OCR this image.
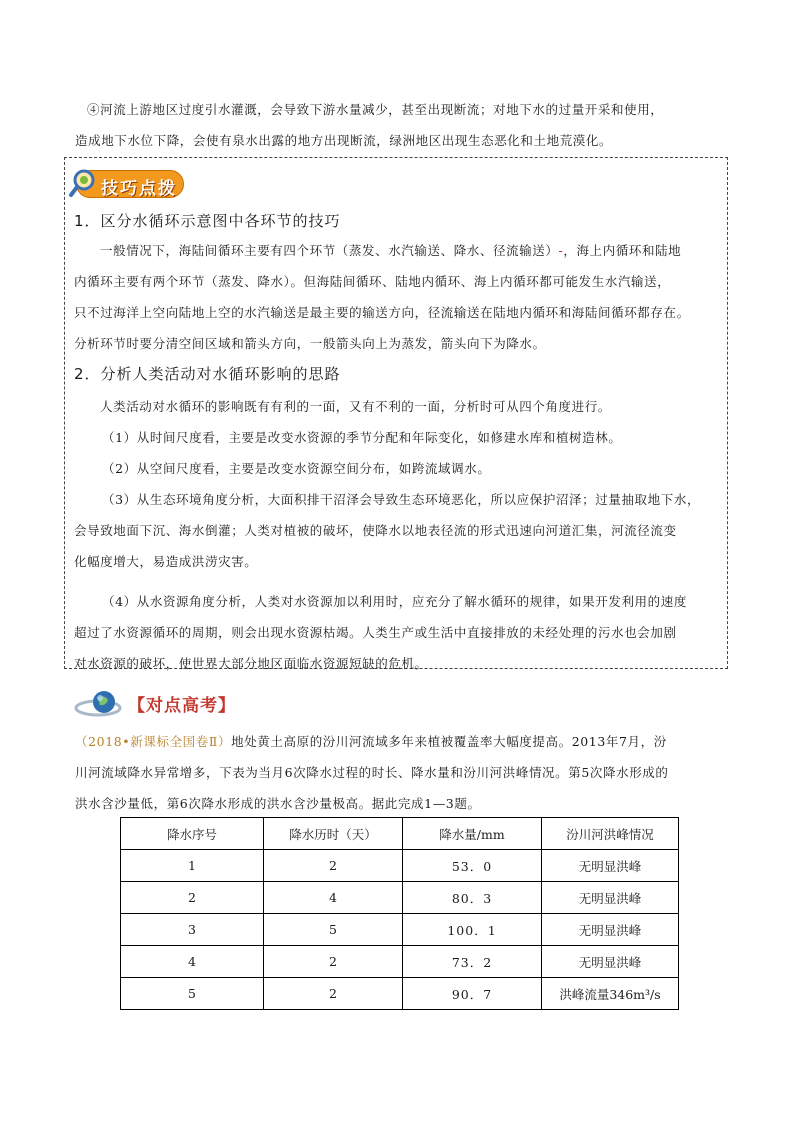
④河流上游地区过度引水灌溉，会导致下游水量减少，甚至出现断流；对地下水的过量开采和使用，
造成地下水位下降，会使有泉水出露的地方出现断流，绿洲地区出现生态恶化和土地荒漠化。
技巧点拨
1．区分水循环示意图中各环节的技巧
一般情况下，海陆间循环主要有四个环节（蒸发、水汽输送、降水、径流输送）-，海上内循环和陆地
内循环主要有两个环节（蒸发、降水）。但海陆间循环、陆地内循环、海上内循环都可能发生水汽输送，
只不过海洋上空向陆地上空的水汽输送是最主要的输送方向，径流输送在陆地内循环和海陆间循环都存在。
分析环节时要分清空间区域和箭头方向，一般箭头向上为蒸发，箭头向下为降水。
2．分析人类活动对水循环影响的思路
人类活动对水循环的影响既有有利的一面，又有不利的一面，分析时可从四个角度进行。
（1）从时间尺度看，主要是改变水资源的季节分配和年际变化，如修建水库和植树造林。
（2）从空间尺度看，主要是改变水资源空间分布，如跨流域调水。
（3）从生态环境角度分析，大面积排干沼泽会导致生态环境恶化，所以应保护沼泽；过量抽取地下水，
会导致地面下沉、海水倒灌；人类对植被的破坏，使降水以地表径流的形式迅速向河道汇集，河流径流变
化幅度增大，易造成洪涝灾害。
（4）从水资源角度分析，人类对水资源加以利用时，应充分了解水循环的规律，如果开发利用的速度
超过了水资源循环的周期，则会出现水资源枯竭。人类生产或生活中直接排放的未经处理的污水也会加剧
对水资源的破坏，使世界大部分地区面临水资源短缺的危机。
【对点高考】
（2018•新课标全国卷Ⅱ）地处黄土高原的汾川河流域多年来植被覆盖率大幅度提高。2013年7月，汾
川河流域降水异常增多，下表为当月6次降水过程的时长、降水量和汾川河洪峰情况。第5次降水形成的
洪水含沙量低，第6次降水形成的洪水含沙量极高。据此完成1—3题。
降水序号	降水历时（天）	降水量/mm	汾川河洪峰情况
1	2	53．0	无明显洪峰
2	4	80．3	无明显洪峰
3	5	100．1	无明显洪峰
4	2	73．2	无明显洪峰
5	2	90．7	洪峰流量346m³/s
